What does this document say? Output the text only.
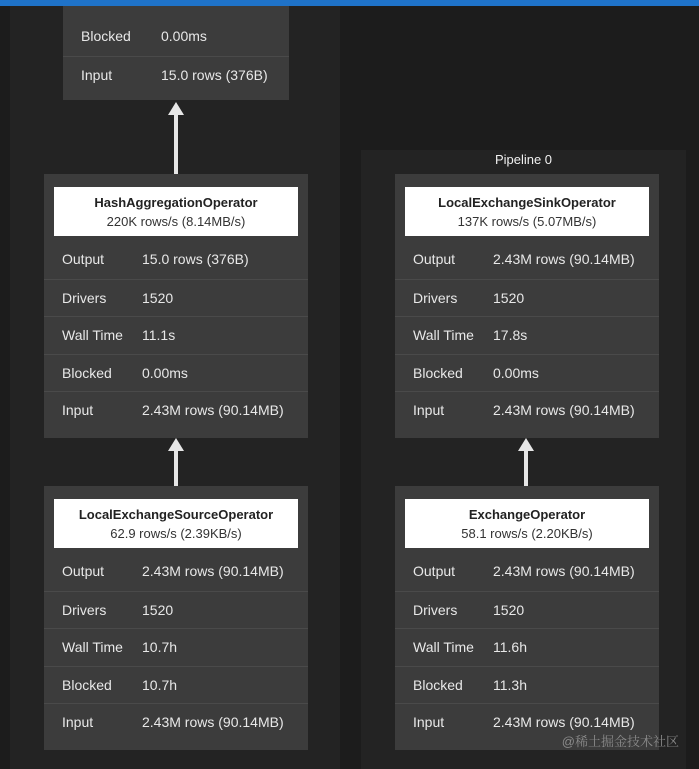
Blocked 0.00ms
Input	15.0 rows (376B)
HashAggregationOperator
220K rows/s (8.14MB/s)
Output	15.0 rows (376B)
Drivers	1520
Wall Time 11.1s
Blocked 0.00ms
Input	2.43M rows (90.14MB)
LocalExchangeSourceOperator
62.9 rows/s (2.39KB/s)
Output	2.43M rows (90.14MB)
Drivers	1520
Wall Time 10.7h
Blocked 10.7h
Input	2.43M rows (90.14MB)
Pipeline 0
LocalExchangeSinkOperator
137K rows/s (5.07MB/s)
Output	2.43M rows (90.14MB)
Drivers	1520
Wall Time 17.8s
Blocked 0.00ms
Input	2.43M rows (90.14MB)
ExchangeOperator
58.1 rows/s (2.20KB/s)
Output	2.43M rows (90.14MB)
Drivers	1520
Wall Time 11.6h
Blocked 11.3h
Input	2.43M rows (90.14MB)
@稀土掘金技术社区
